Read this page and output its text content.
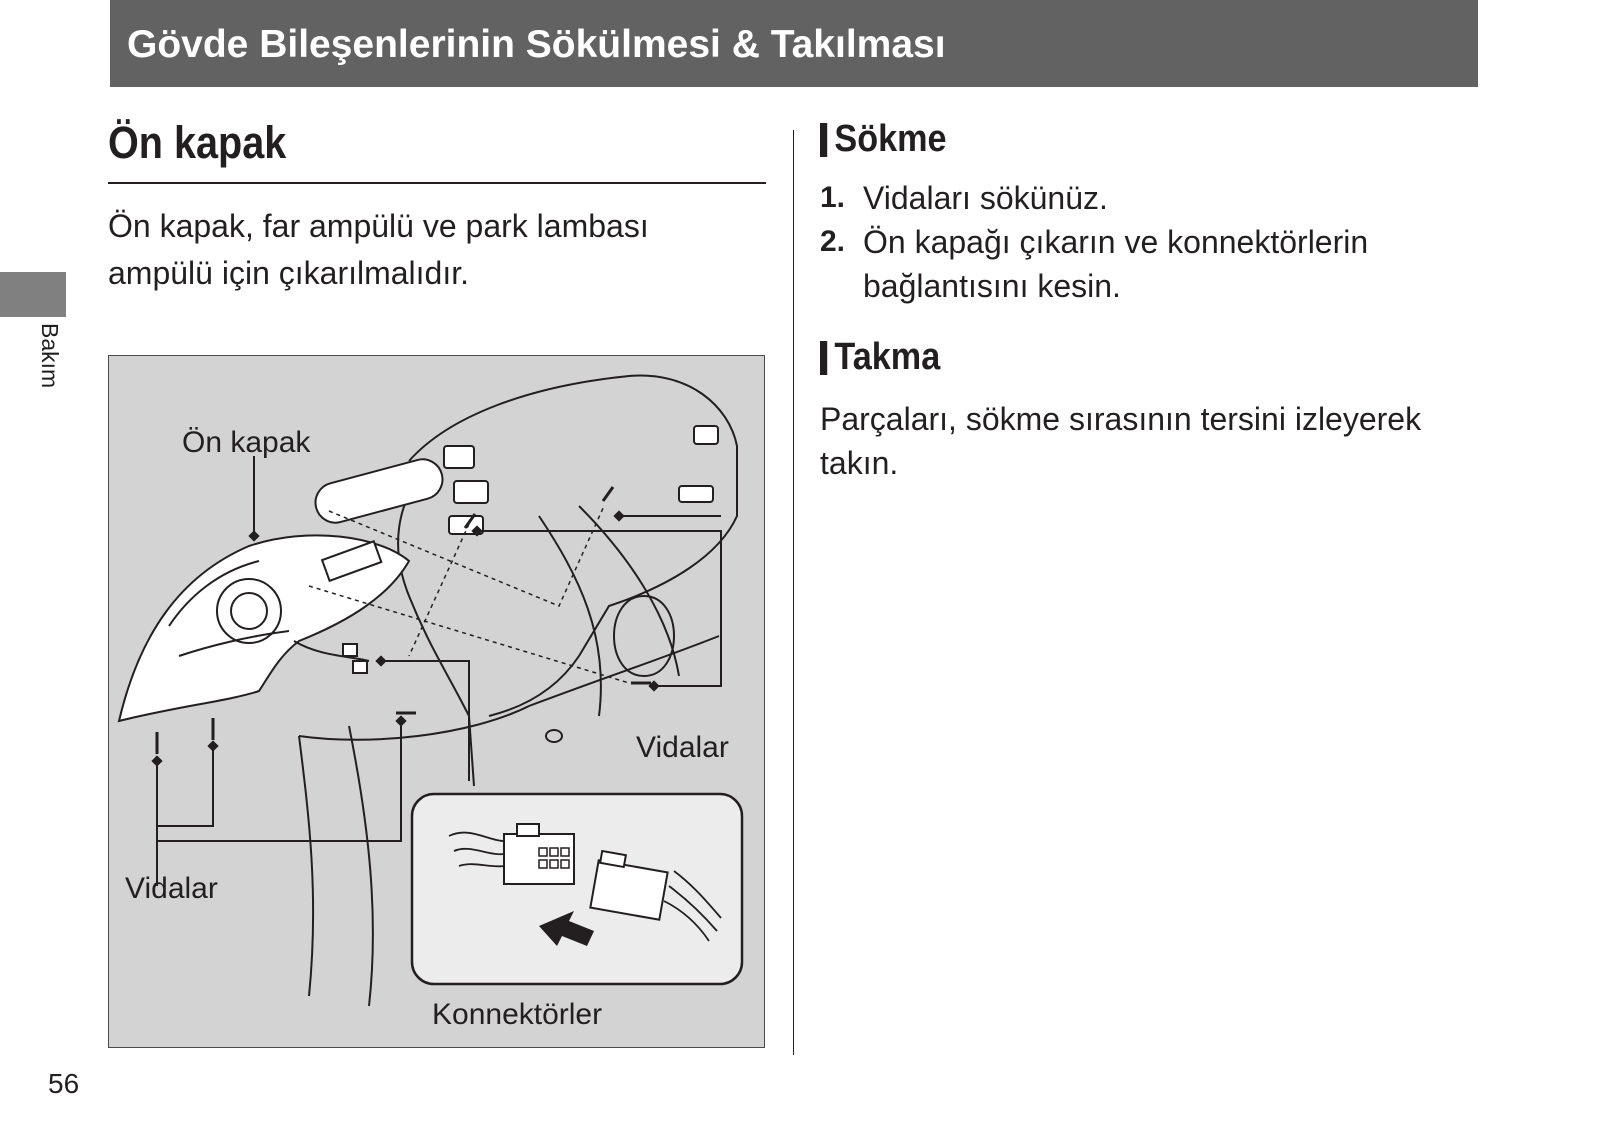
Gövde Bileşenlerinin Sökülmesi & Takılması
Bakım
Ön kapak

Ön kapak, far ampülü ve park lambası ampülü için çıkarılmalıdır.

Ön kapak
Vidalar
Vidalar
Konnektörler
Sökme
1. Vidaları sökünüz.
2. Ön kapağı çıkarın ve konnektörlerin bağlantısını kesin.
Takma

Parçaları, sökme sırasının tersini izleyerek takın.

56
